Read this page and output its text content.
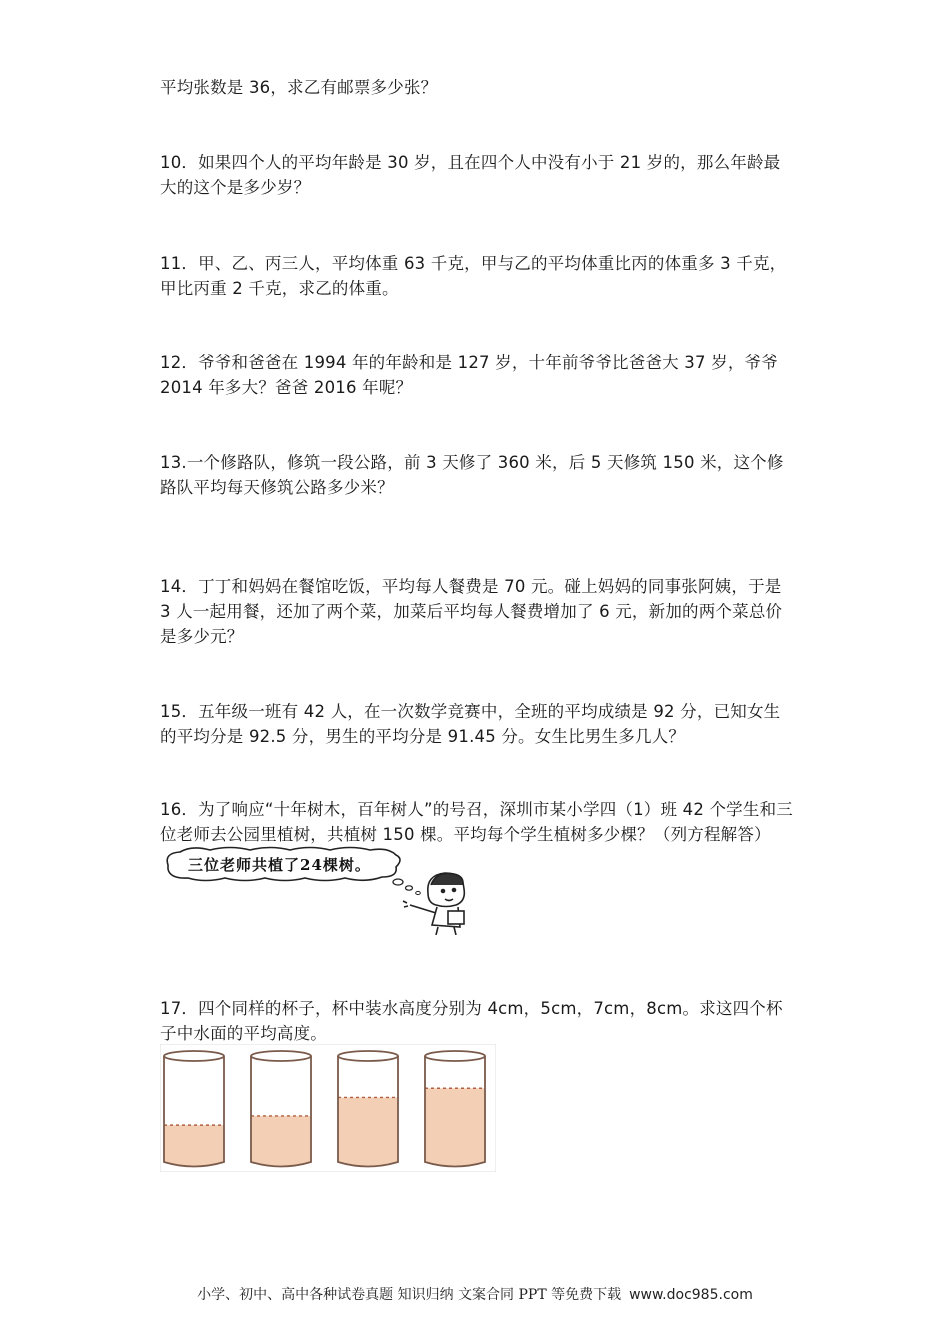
平均张数是 36，求乙有邮票多少张？

10．如果四个人的平均年龄是 30 岁，且在四个人中没有小于 21 岁的，那么年龄最大的这个是多少岁？

11．甲、乙、丙三人，平均体重 63 千克，甲与乙的平均体重比丙的体重多 3 千克，甲比丙重 2 千克，求乙的体重。

12．爷爷和爸爸在 1994 年的年龄和是 127 岁，十年前爷爷比爸爸大 37 岁，爷爷 2014 年多大？爸爸 2016 年呢？

13.一个修路队，修筑一段公路，前 3 天修了 360 米，后 5 天修筑 150 米，这个修路队平均每天修筑公路多少米？

14．丁丁和妈妈在餐馆吃饭，平均每人餐费是 70 元。碰上妈妈的同事张阿姨，于是 3 人一起用餐，还加了两个菜，加菜后平均每人餐费增加了 6 元，新加的两个菜总价是多少元？

15．五年级一班有 42 人，在一次数学竞赛中，全班的平均成绩是 92 分，已知女生的平均分是 92.5 分，男生的平均分是 91.45 分。女生比男生多几人？

16．为了响应“十年树木，百年树人”的号召，深圳市某小学四（1）班 42 个学生和三位老师去公园里植树，共植树 150 棵。平均每个学生植树多少棵？（列方程解答）

三位老师共植了24棵树。

17．四个同样的杯子，杯中装水高度分别为 4cm，5cm，7cm，8cm。求这四个杯子中水面的平均高度。

小学、初中、高中各种试卷真题 知识归纳 文案合同 PPT 等免费下载 www.doc985.com
